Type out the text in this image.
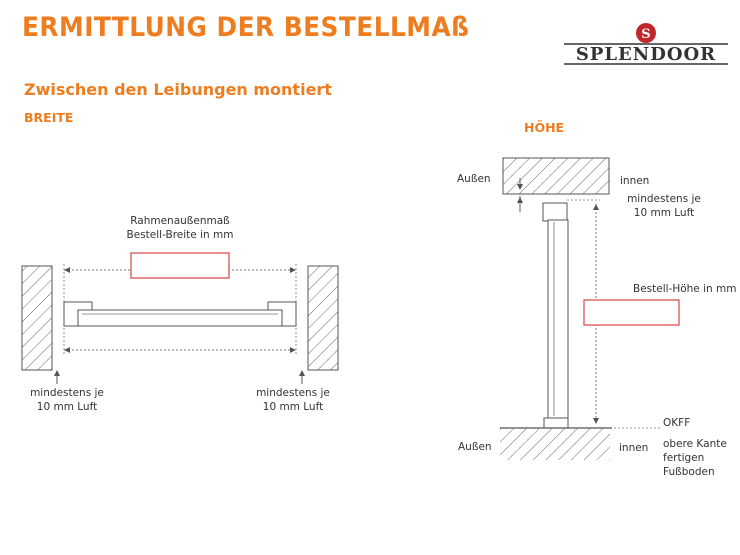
ERMITTLUNG DER BESTELLMAß
Zwischen den Leibungen montiert
S
SPLENDOOR
BREITE
HÖHE
Rahmenaußenmaß
Bestell-Breite in mm
mindestens je
10 mm Luft
mindestens je
10 mm Luft
Außen	innen
mindestens je
10 mm Luft
Bestell-Höhe in mm
OKFF
Außen	innen obere Kante
fertigen
Fußboden
